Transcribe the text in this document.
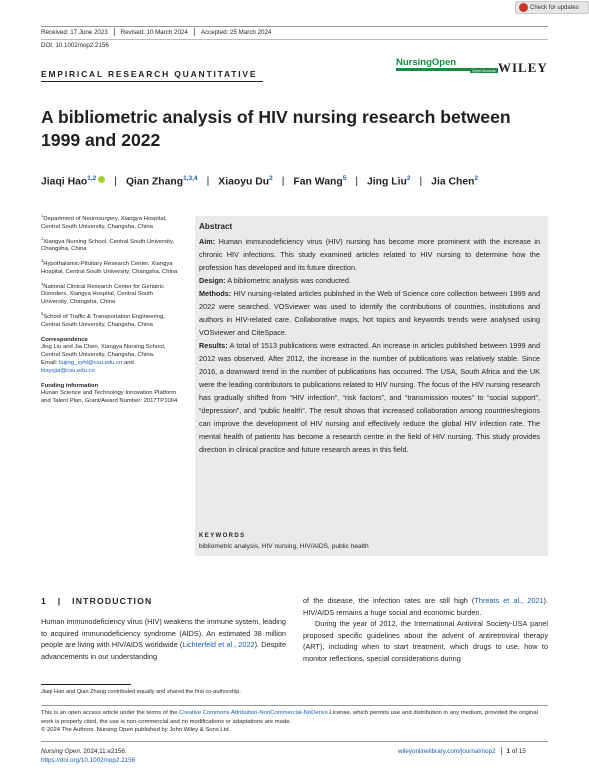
Check for updates
Received: 17 June 2023 Revised: 10 March 2024 Accepted: 25 March 2024
DOI: 10.1002/nop2.2156
EMPIRICAL RESEARCH QUANTITATIVE
NursingOpen
Open Access WILEY
A bibliometric analysis of HIV nursing research between 1999 and 2022
Jiaqi Hao$^{1,2}$	| Qian Zhang$^{1,3,4}$ | Xiaoyu Du$^2$ | Fan Wang$^5$ | Jing Liu$^2$ | Jia Chen$^2$
$^1$Department of Neurosurgery, Xiangya Hospital, Central South University, Changsha, China
$^2$Xiangya Nursing School, Central South University, Changsha, China
$^3$Hypothalamic-Pituitary Research Center, Xiangya Hospital, Central South University, Changsha, China
$^4$National Clinical Research Center for Geriatric Disorders, Xiangya Hospital, Central South University, Changsha, China
$^5$School of Traffic & Transportation Engineering, Central South University, Changsha, China
Correspondence
Jing Liu and Jia Chen, Xiangya Nursing School, Central South University, Changsha, China.
Email: liujing_xyhl@csu.edu.cn and
hlxycjia@csu.edu.cn
Funding information
Hunan Science and Technology Innovation Platform and Talent Plan, Grant/Award Number: 2017TP1004
Abstract

Aim: Human immunodeficiency virus (HIV) nursing has become more prominent with the increase in chronic HIV infections. This study examined articles related to HIV nursing to determine how the profession has developed and its future direction.

Design: A bibliometric analysis was conducted.

Methods: HIV nursing-related articles published in the Web of Science core collection between 1999 and 2022 were searched. VOSviewer was used to identify the contributions of countries, institutions and authors in HIV-related care. Collaborative maps, hot topics and keywords trends were analysed using VOSviewer and CiteSpace.

Results: A total of 1513 publications were extracted. An increase in articles published between 1999 and 2012 was observed. After 2012, the increase in the number of publications was relatively stable. Since 2016, a downward trend in the number of publications has occurred. The USA, South Africa and the UK were the leading contributors to publications related to HIV nursing. The focus of the HIV nursing research has gradually shifted from “HIV infection”, “risk factors”, and “transmission routes” to “social support”, “depression”, and “public health”. The result shows that increased collaboration among countries/regions can improve the development of HIV nursing and effectively reduce the global HIV infection rate. The mental health of patients has become a research centre in the field of HIV nursing. This study provides direction in clinical practice and future research areas in this field.

KEYWORDS
bibliometric analysis, HIV nursing, HIV/AIDS, public health
1   |   INTRODUCTION

Human immunodeficiency virus (HIV) weakens the immune system, leading to acquired immunodeficiency syndrome (AIDS). An estimated 38 million people are living with HIV/AIDS worldwide (Lichterfeld et al., 2022). Despite advancements in our understanding

of the disease, the infection rates are still high (Threats et al., 2021). HIV/AIDS remains a huge social and economic burden.

During the year of 2012, the International Antiviral Society-USA panel proposed specific guidelines about the advent of antiretroviral therapy (ART), including when to start treatment, which drugs to use, how to monitor reflections, special considerations during

Jiaqi Hao and Qian Zhang contributed equally and shared the first co-authorship.
This is an open access article under the terms of the Creative Commons Attribution-NonCommercial-NoDerivs License, which permits use and distribution in any medium, provided the original work is properly cited, the use is non-commercial and no modifications or adaptations are made.
© 2024 The Authors. Nursing Open published by John Wiley & Sons Ltd.
Nursing Open. 2024;11:e2156.
https://doi.org/10.1002/nop2.2156
wileyonlinelibrary.com/journal/nop2 1 of 15
